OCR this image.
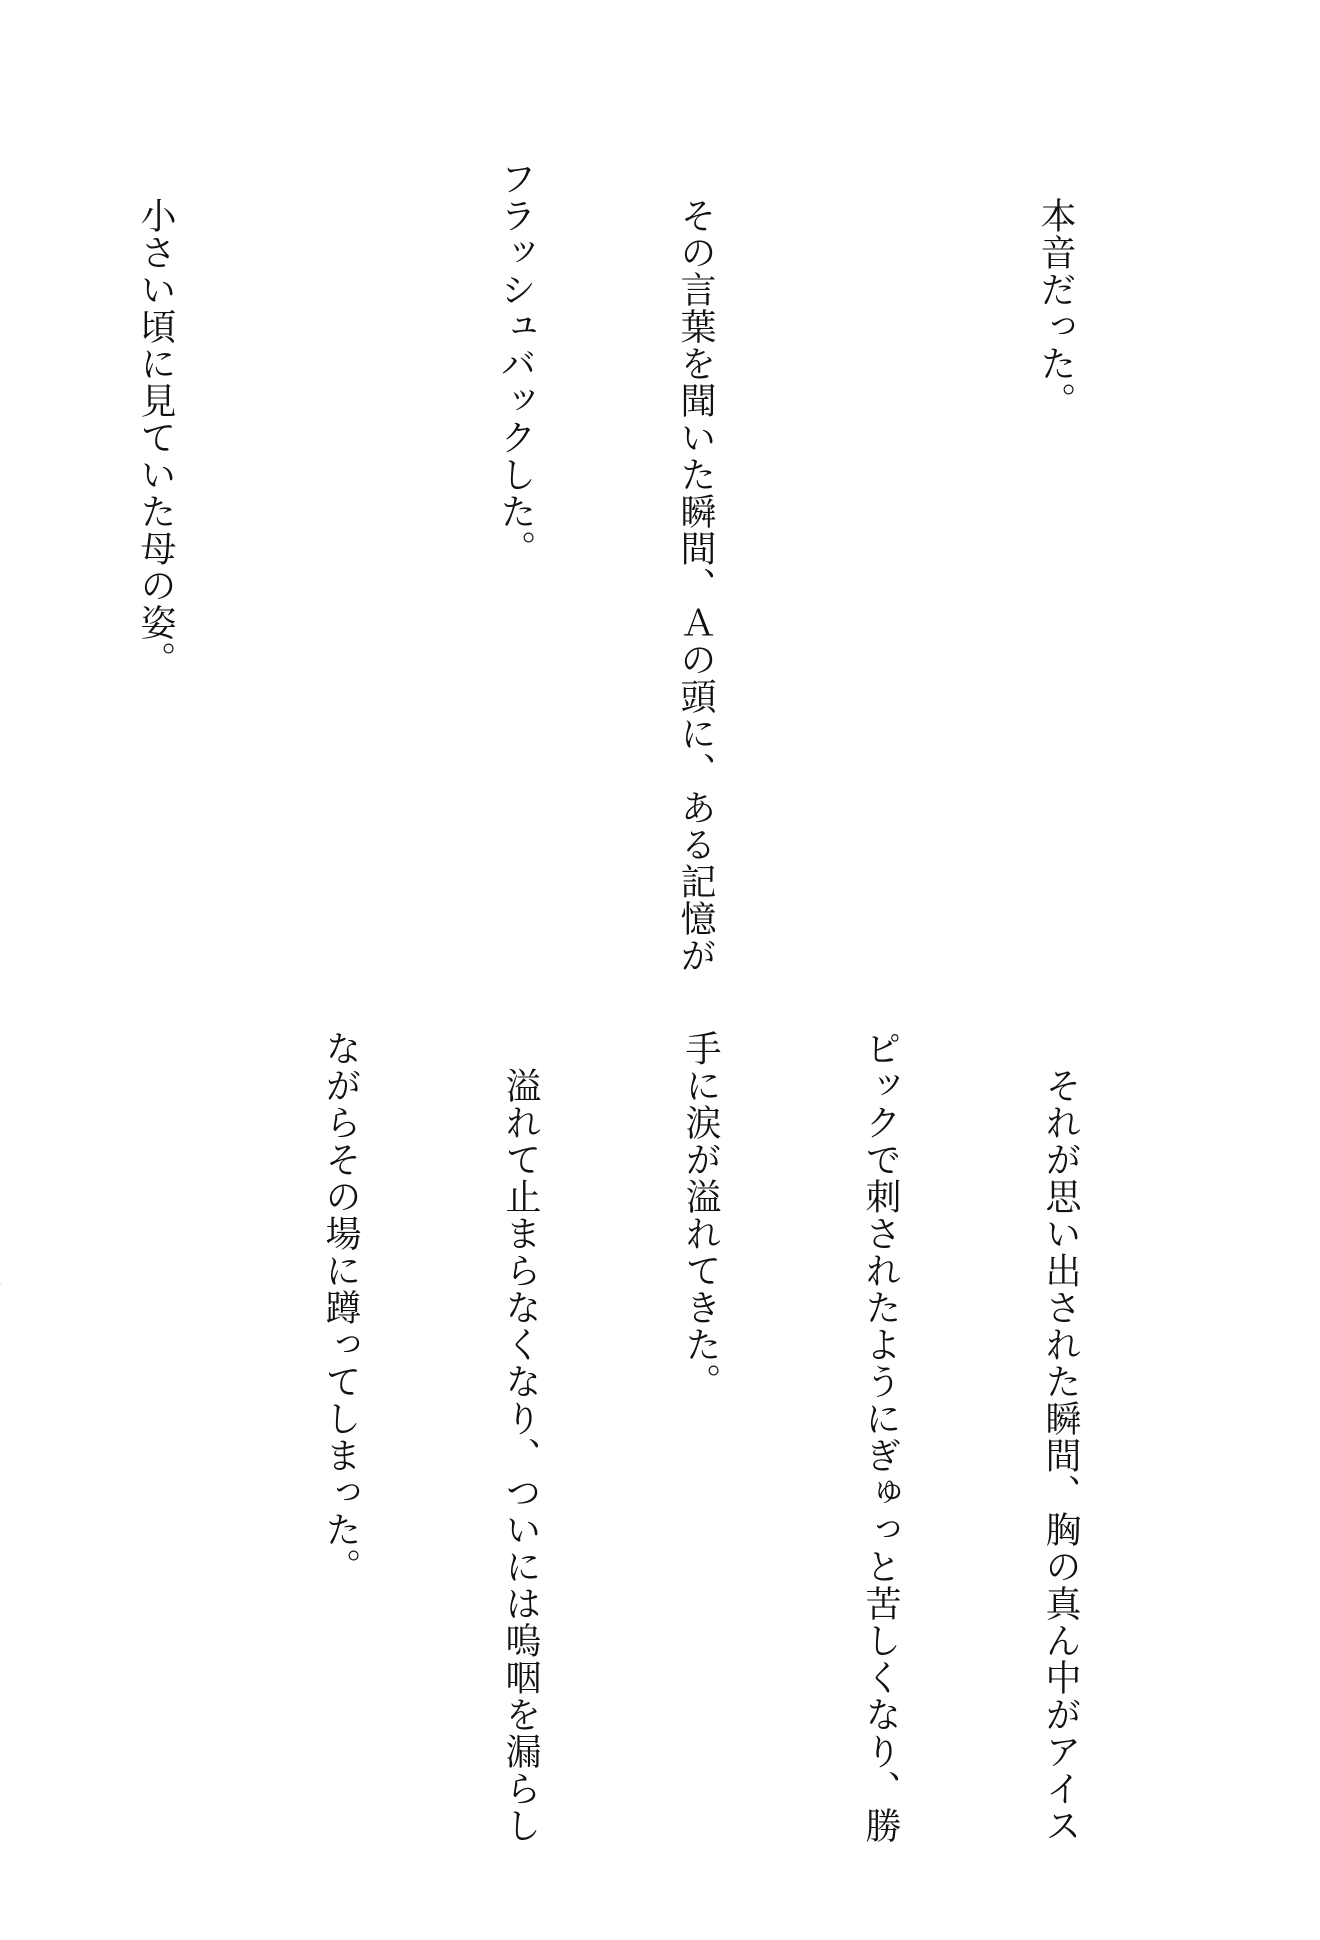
　本音だった。

　その言葉を聞いた瞬間、Ａの頭に、ある記憶が

フラッシュバックした。

　小さい頃に見ていた母の姿。

　それが思い出された瞬間、胸の真ん中がアイス

ピックで刺されたようにぎゅっと苦しくなり、勝

手に涙が溢れてきた。

　溢れて止まらなくなり、ついには嗚咽を漏らし

ながらその場に蹲ってしまった。
